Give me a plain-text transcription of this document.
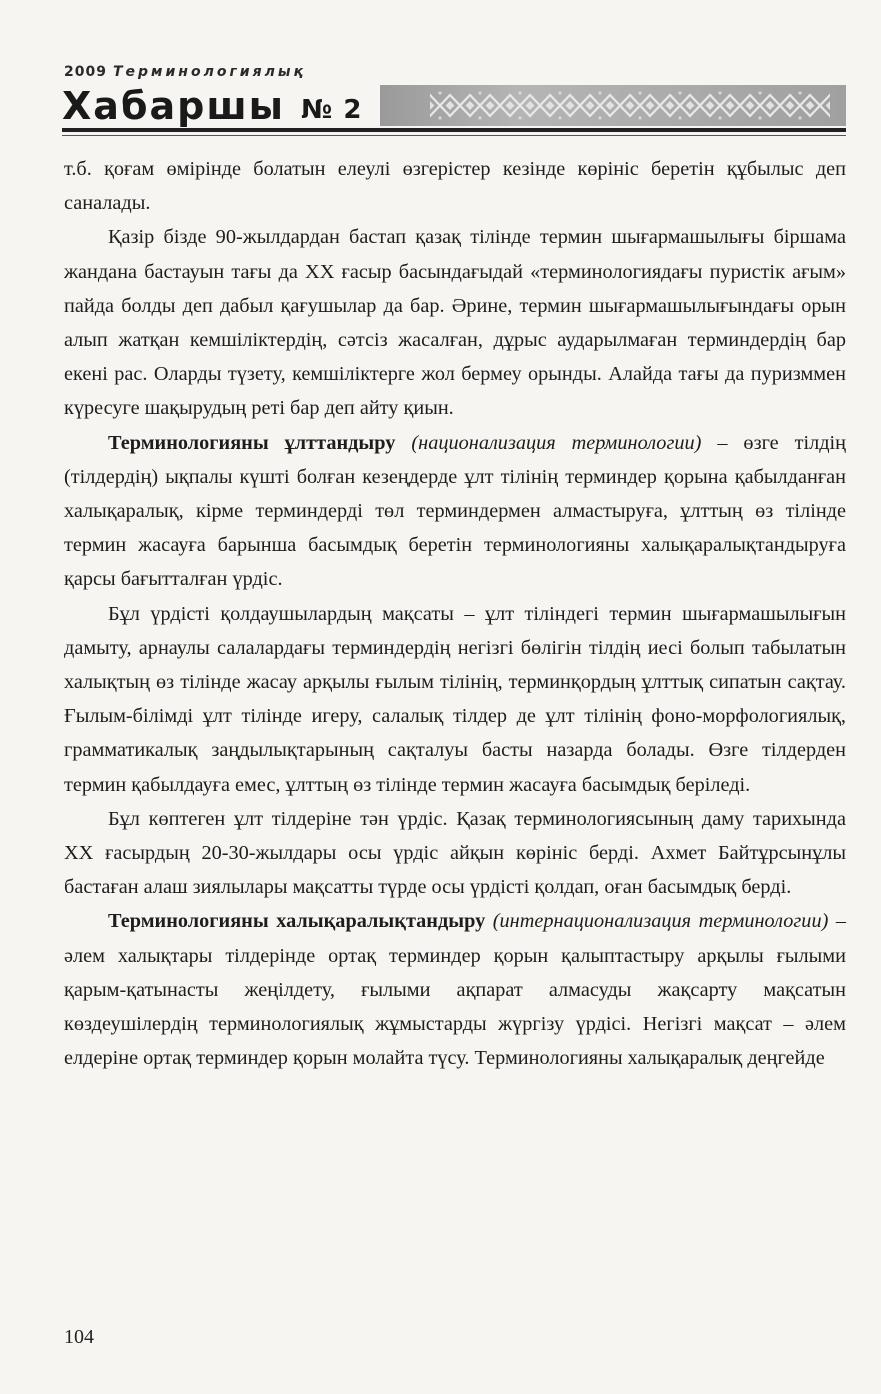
2009 Терминологиялық
Хабаршы № 2

т.б. қоғам өмірінде болатын елеулі өзгерістер кезінде көрініс беретін құбылыс деп саналады.

Қазір бізде 90-жылдардан бастап қазақ тілінде термин шығармашылығы біршама жандана бастауын тағы да ХХ ғасыр басындағыдай «терминологиядағы пуристік ағым» пайда болды деп дабыл қағушылар да бар. Әрине, термин шығармашылығындағы орын алып жатқан кемшіліктердің, сәтсіз жасалған, дұрыс аударылмаған терминдердің бар екені рас. Оларды түзету, кемшіліктерге жол бермеу орынды. Алайда тағы да пуризммен күресуге шақырудың реті бар деп айту қиын.

Терминологияны ұлттандыру (национализация терминологии) – өзге тілдің (тілдердің) ықпалы күшті болған кезеңдерде ұлт тілінің терминдер қорына қабылданған халықаралық, кірме терминдерді төл терминдермен алмастыруға, ұлттың өз тілінде термин жасауға барынша басымдық беретін терминологияны халықаралықтандыруға қарсы бағытталған үрдіс.

Бұл үрдісті қолдаушылардың мақсаты – ұлт тіліндегі термин шығармашылығын дамыту, арнаулы салалардағы терминдердің негізгі бөлігін тілдің иесі болып табылатын халықтың өз тілінде жасау арқылы ғылым тілінің, терминқордың ұлттық сипатын сақтау. Ғылым-білімді ұлт тілінде игеру, салалық тілдер де ұлт тілінің фоно-морфологиялық, грамматикалық заңдылықтарының сақталуы басты назарда болады. Өзге тілдерден термин қабылдауға емес, ұлттың өз тілінде термин жасауға басымдық беріледі.

Бұл көптеген ұлт тілдеріне тән үрдіс. Қазақ терминологиясының даму тарихында ХХ ғасырдың 20-30-жылдары осы үрдіс айқын көрініс берді. Ахмет Байтұрсынұлы бастаған алаш зиялылары мақсатты түрде осы үрдісті қолдап, оған басымдық берді.

Терминологияны халықаралықтандыру (интернационализация терминологии) – әлем халықтары тілдерінде ортақ терминдер қорын қалыптастыру арқылы ғылыми қарым-қатынасты жеңілдету, ғылыми ақпарат алмасуды жақсарту мақсатын көздеушілердің терминологиялық жұмыстарды жүргізу үрдісі. Негізгі мақсат – әлем елдеріне ортақ терминдер қорын молайта түсу. Терминологияны халықаралық деңгейде

104
